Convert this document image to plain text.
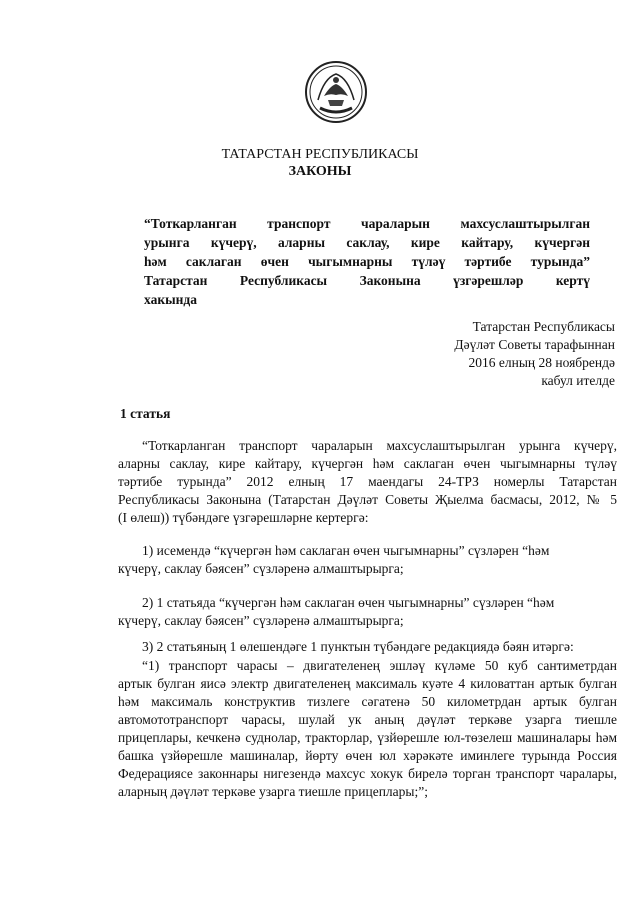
ТАТАРСТАН РЕСПУБЛИКАСЫ
ЗАКОНЫ
“Тоткарланган транспорт чараларын махсуслаштырылган
урынга күчерү, аларны саклау, кире кайтару, күчергән
һәм саклаган өчен чыгымнарны түләү тәртибе турында”
Татарстан Республикасы Законына үзгәрешләр кертү
хакында
Татарстан Республикасы
Дәүләт Советы тарафыннан
2016 елның 28 ноябрендә
кабул ителде
1 статья
“Тоткарланган транспорт чараларын махсуслаштырылган урынга күчерү,
аларны саклау, кире кайтару, күчергән һәм саклаган өчен чыгымнарны түләү
тәртибе турында” 2012 елның 17 маендагы 24-ТРЗ номерлы Татарстан
Республикасы Законына (Татарстан Дәүләт Советы Җыелма басмасы, 2012, № 5
(I өлеш)) түбәндәге үзгәрешләрне кертергә:
1) исемендә “күчергән һәм саклаган өчен чыгымнарны” сүзләрен “һәм
күчерү, саклау бәясен” сүзләренә алмаштырырга;
2) 1 статьяда “күчергән һәм саклаган өчен чыгымнарны” сүзләрен “һәм
күчерү, саклау бәясен” сүзләренә алмаштырырга;
3) 2 статьяның 1 өлешендәге 1 пунктын түбәндәге редакциядә бәян итәргә:
“1) транспорт чарасы – двигателенең эшләү күләме 50 куб сантиметрдан
артык булган яисә электр двигателенең максималь куәте 4 киловаттан артык булган
һәм максималь конструктив тизлеге сәгатенә 50 километрдан артык булган
автомототранспорт чарасы, шулай ук аның дәүләт теркәве узарга тиешле
прицеплары, кечкенә суднолар, тракторлар, үзйөрешле юл-төзелеш машиналары һәм
башка үзйөрешле машиналар, йөрту өчен юл хәрәкәте иминлеге турында Россия
Федерациясе законнары нигезендә махсус хокук бирелә торган транспорт чаралары,
аларның дәүләт теркәве узарга тиешле прицеплары;”;
